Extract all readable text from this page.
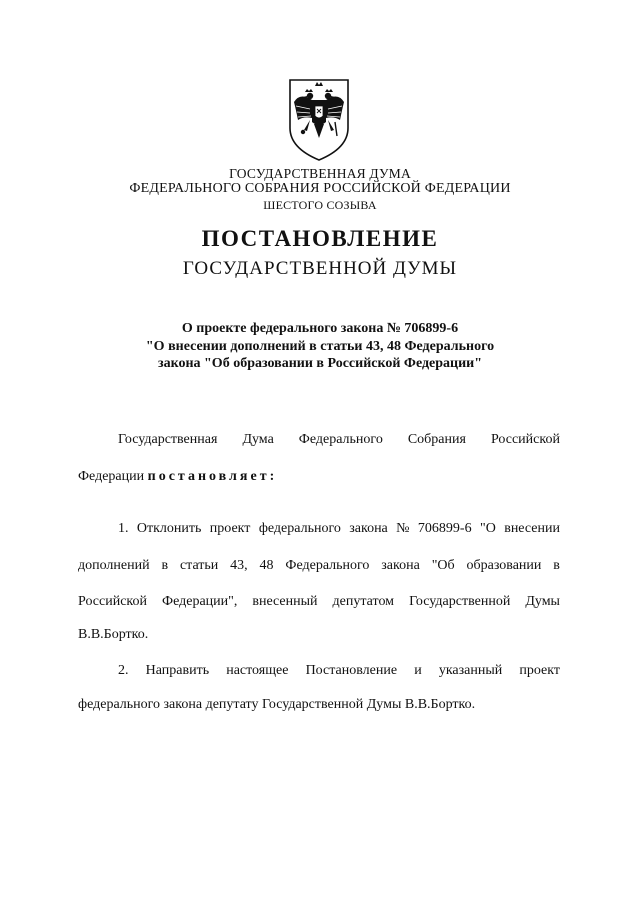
ГОСУДАРСТВЕННАЯ ДУМА
ФЕДЕРАЛЬНОГО СОБРАНИЯ РОССИЙСКОЙ ФЕДЕРАЦИИ
ШЕСТОГО СОЗЫВА
ПОСТАНОВЛЕНИЕ
ГОСУДАРСТВЕННОЙ ДУМЫ
О проекте федерального закона № 706899-6
"О внесении дополнений в статьи 43, 48 Федерального
закона "Об образовании в Российской Федерации"
Государственная Дума Федерального Собрания Российской
Федерации постановляет:
1. Отклонить проект федерального закона № 706899-6 "О внесении
дополнений в статьи 43, 48 Федерального закона "Об образовании в
Российской Федерации", внесенный депутатом Государственной Думы
В.В.Бортко.
2. Направить настоящее Постановление и указанный проект
федерального закона депутату Государственной Думы В.В.Бортко.
